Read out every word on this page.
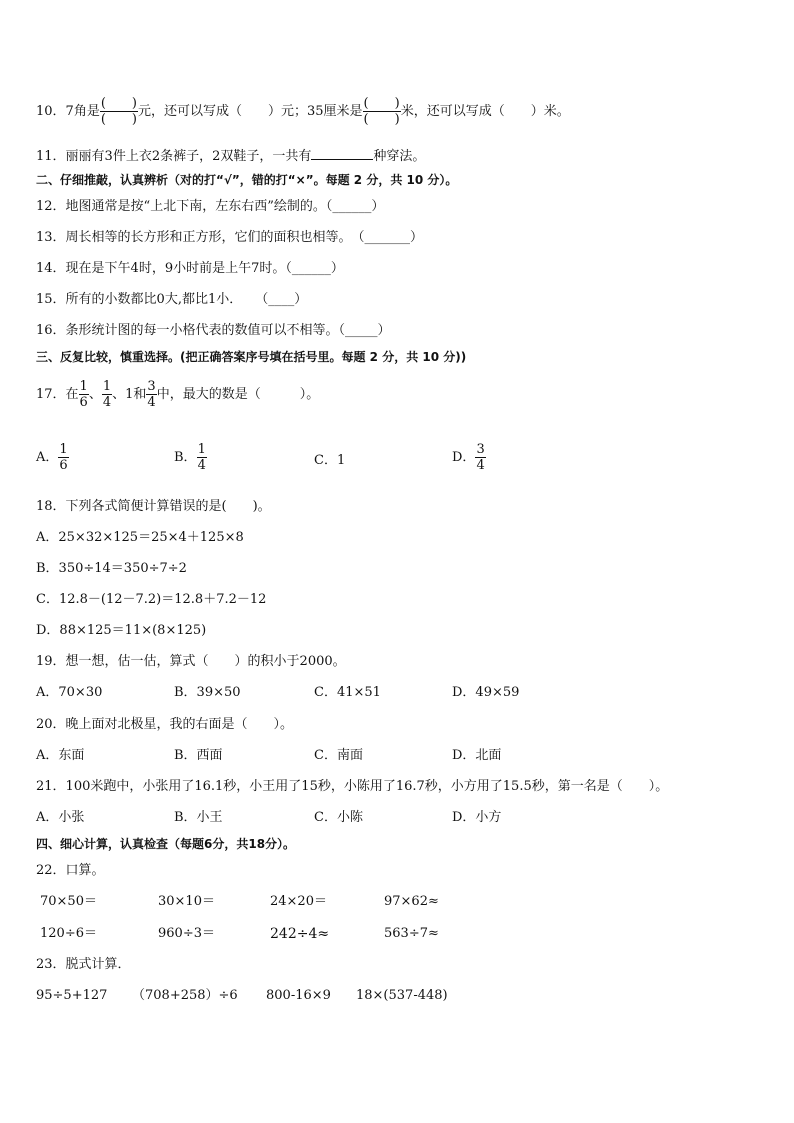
10．7角是 $\frac{( )}{( )}$ 元，还可以写成（　　）元；35厘米是 $\frac{( )}{( )}$ 米，还可以写成（　　）米。
11．丽丽有3件上衣2条裤子，2双鞋子，一共有	种穿法。
二、仔细推敲，认真辨析（对的打“√”，错的打“×”。每题 2 分，共 10 分）。
12．地图通常是按“上北下南，左东右西”绘制的。（______）
13．周长相等的长方形和正方形，它们的面积也相等。　（_______）
14．现在是下午4时，9小时前是上午7时。（______）
15．所有的小数都比0大,都比1小．　　（____）
16．条形统计图的每一小格代表的数值可以不相等。（_____）
三、反复比较，慎重选择。(把正确答案序号填在括号里。每题 2 分，共 10 分))
17．在 $\frac{1}{6}$ 、 $\frac{1}{4}$ 、1和 $\frac{3}{4}$ 中，最大的数是（　　　）。
A． $\frac{1}{6}$	B． $\frac{1}{4}$	C．1	D． $\frac{3}{4}$
18．下列各式简便计算错误的是(　　)。
A．25×32×125＝25×4＋125×8
B．350÷14＝350÷7÷2
C．12.8－(12－7.2)＝12.8＋7.2－12
D．88×125＝11×(8×125)
19．想一想，估一估，算式（　　）的积小于2000。
A．70×30	B．39×50	C．41×51	D．49×59
20．晚上面对北极星，我的右面是（　　）。
A．东面	B．西面	C．南面	D．北面
21．100米跑中，小张用了16.1秒，小王用了15秒，小陈用了16.7秒，小方用了15.5秒，第一名是（　　）。
A．小张	B．小王	C．小陈	D．小方
四、细心计算，认真检查（每题6分，共18分）。
22．口算。
70×50＝	30×10＝	24×20＝	97×62≈
120÷6＝	960÷3＝	242÷4≈	563÷7≈
23．脱式计算．
95÷5+127 （708+258）÷6 800-16×9 18×(537-448)
